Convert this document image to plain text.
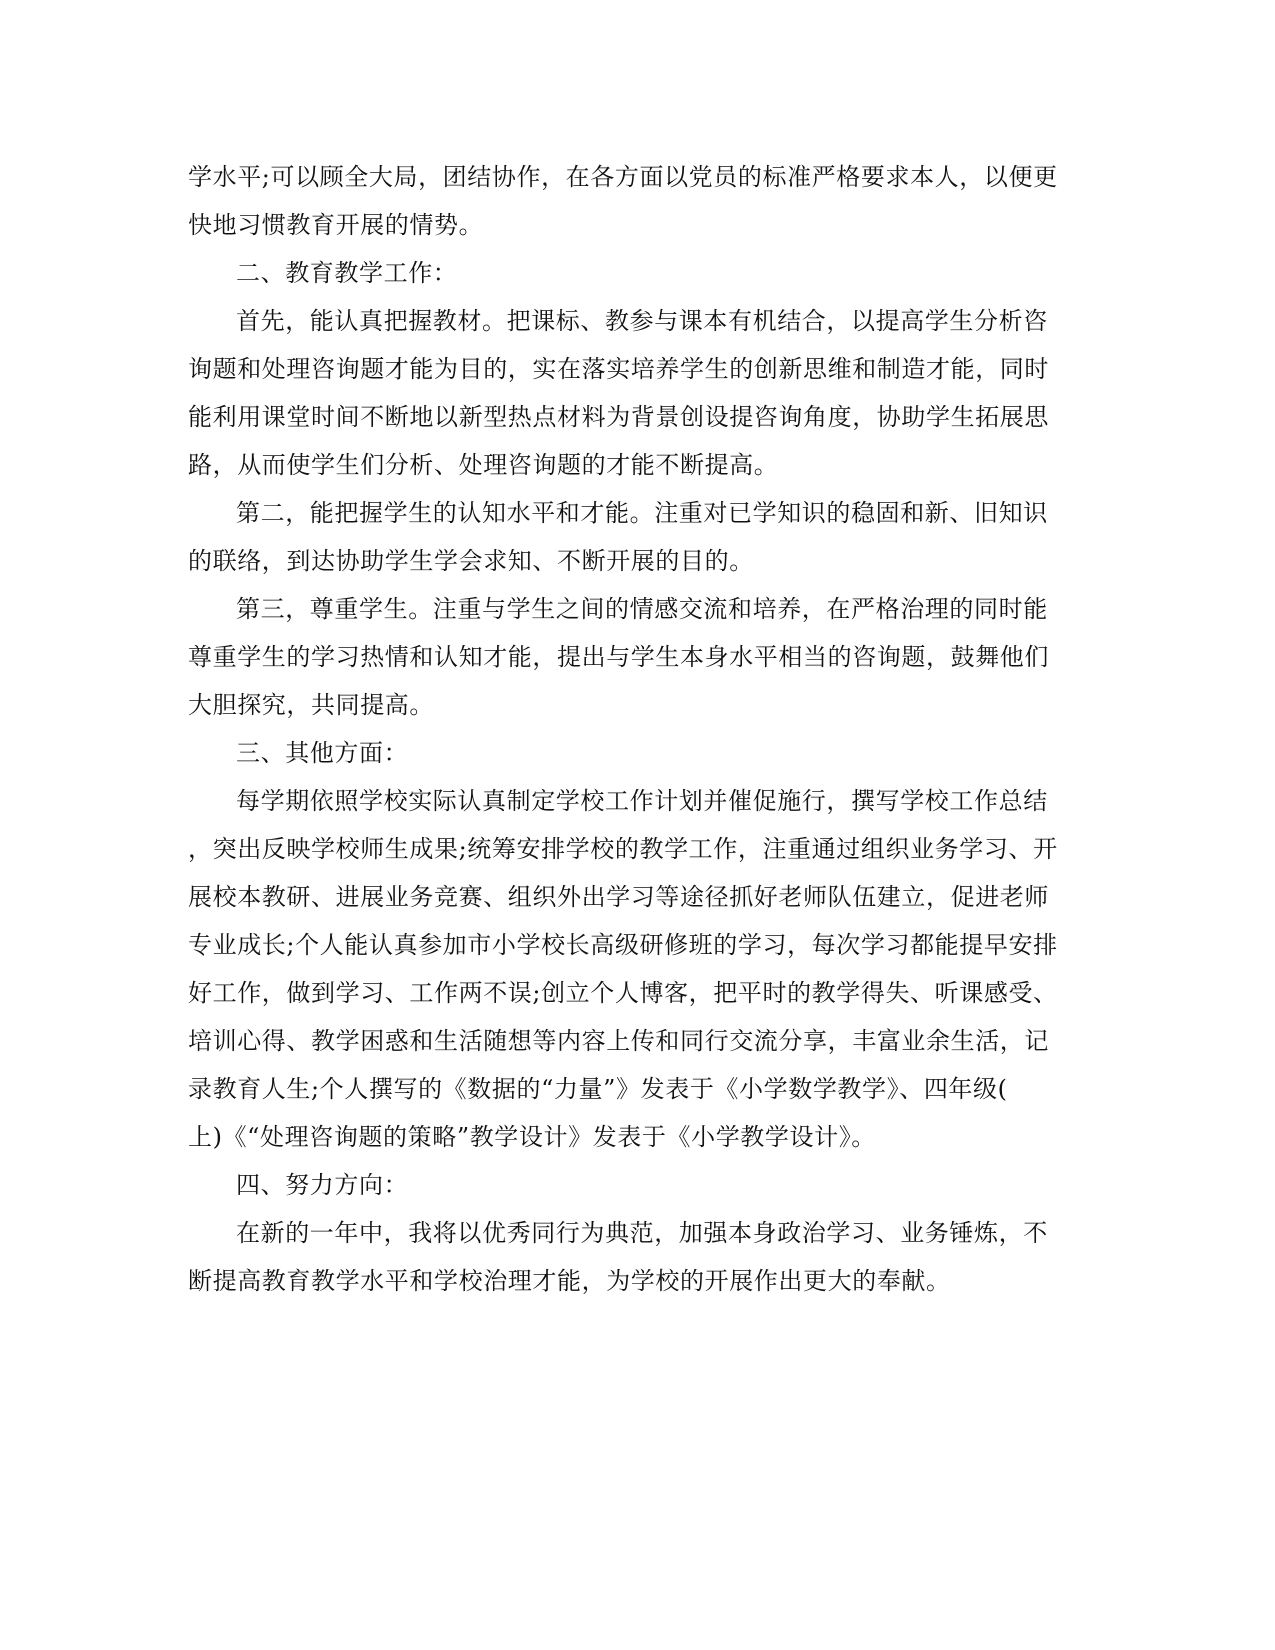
学水平;可以顾全大局，团结协作，在各方面以党员的标准严格要求本人，以便更
快地习惯教育开展的情势。
二、教育教学工作：
首先，能认真把握教材。把课标、教参与课本有机结合，以提高学生分析咨
询题和处理咨询题才能为目的，实在落实培养学生的创新思维和制造才能，同时
能利用课堂时间不断地以新型热点材料为背景创设提咨询角度，协助学生拓展思
路，从而使学生们分析、处理咨询题的才能不断提高。
第二，能把握学生的认知水平和才能。注重对已学知识的稳固和新、旧知识
的联络，到达协助学生学会求知、不断开展的目的。
第三，尊重学生。注重与学生之间的情感交流和培养，在严格治理的同时能
尊重学生的学习热情和认知才能，提出与学生本身水平相当的咨询题，鼓舞他们
大胆探究，共同提高。
三、其他方面：
每学期依照学校实际认真制定学校工作计划并催促施行，撰写学校工作总结
，突出反映学校师生成果;统筹安排学校的教学工作，注重通过组织业务学习、开
展校本教研、进展业务竞赛、组织外出学习等途径抓好老师队伍建立，促进老师
专业成长;个人能认真参加市小学校长高级研修班的学习，每次学习都能提早安排
好工作，做到学习、工作两不误;创立个人博客，把平时的教学得失、听课感受、
培训心得、教学困惑和生活随想等内容上传和同行交流分享，丰富业余生活，记
录教育人生;个人撰写的《数据的“力量”》发表于《小学数学教学》、四年级(
上)《“处理咨询题的策略”教学设计》发表于《小学教学设计》。
四、努力方向：
在新的一年中，我将以优秀同行为典范，加强本身政治学习、业务锤炼，不
断提高教育教学水平和学校治理才能，为学校的开展作出更大的奉献。
